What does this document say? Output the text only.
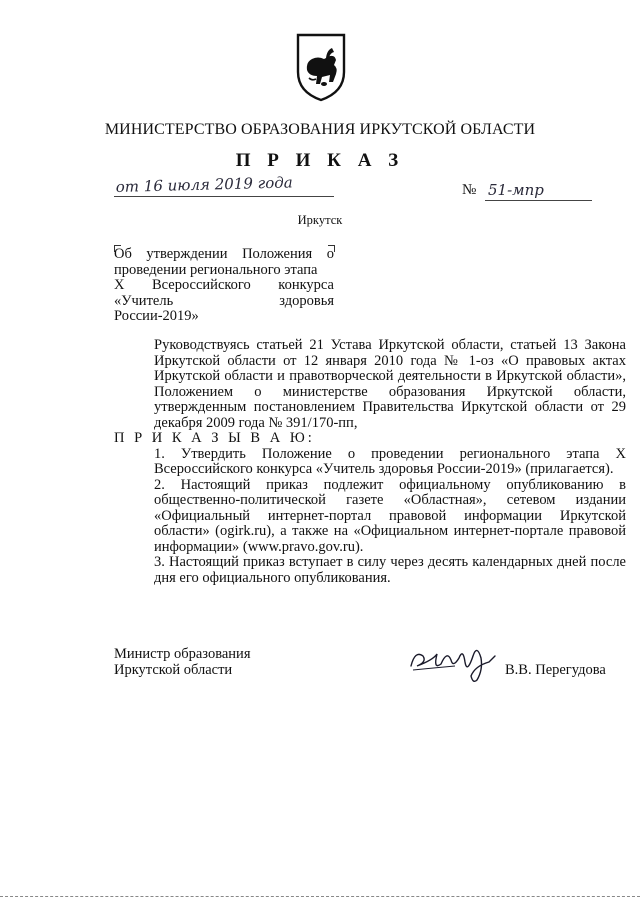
МИНИСТЕРСТВО ОБРАЗОВАНИЯ ИРКУТСКОЙ ОБЛАСТИ
П Р И К А З
от 16 июля 2019 года	№ 51-мпр
Иркутск
Об утверждении Положения о
проведении регионального этапа
X Всероссийского конкурса
«Учитель	здоровья
России-2019»
Руководствуясь статьей 21 Устава Иркутской области, статьей 13 Закона Иркутской области от 12 января 2010 года № 1-оз «О правовых актах Иркутской области и правотворческой деятельности в Иркутской области», Положением о министерстве образования Иркутской области, утвержденным постановлением Правительства Иркутской области от 29 декабря 2009 года № 391/170-пп,
П Р И К А З Ы В А Ю:
1. Утвердить Положение о проведении регионального этапа X Всероссийского конкурса «Учитель здоровья России-2019» (прилагается).
2. Настоящий приказ подлежит официальному опубликованию в общественно-политической газете «Областная», сетевом издании «Официальный интернет-портал правовой информации Иркутской области» (ogirk.ru), а также на «Официальном интернет-портале правовой информации» (www.pravo.gov.ru).
3. Настоящий приказ вступает в силу через десять календарных дней после дня его официального опубликования.
Министр образования
Иркутской области	В.В. Перегудова
